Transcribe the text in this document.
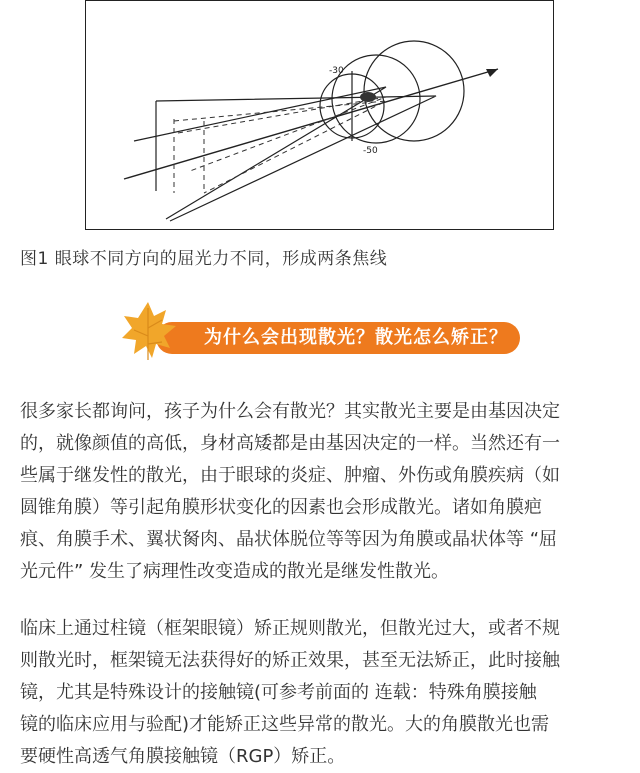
-30
-50
图1 眼球不同方向的屈光力不同，形成两条焦线
为什么会出现散光？散光怎么矫正？
很多家长都询问，孩子为什么会有散光？其实散光主要是由基因决定
的，就像颜值的高低，身材高矮都是由基因决定的一样。当然还有一
些属于继发性的散光，由于眼球的炎症、肿瘤、外伤或角膜疾病（如
圆锥角膜）等引起角膜形状变化的因素也会形成散光。诸如角膜疤
痕、角膜手术、翼状胬肉、晶状体脱位等等因为角膜或晶状体等 “屈
光元件” 发生了病理性改变造成的散光是继发性散光。
临床上通过柱镜（框架眼镜）矫正规则散光，但散光过大，或者不规
则散光时，框架镜无法获得好的矫正效果，甚至无法矫正，此时接触
镜，尤其是特殊设计的接触镜(可参考前面的 连载：特殊角膜接触
镜的临床应用与验配)才能矫正这些异常的散光。大的角膜散光也需
要硬性高透气角膜接触镜（RGP）矫正。
